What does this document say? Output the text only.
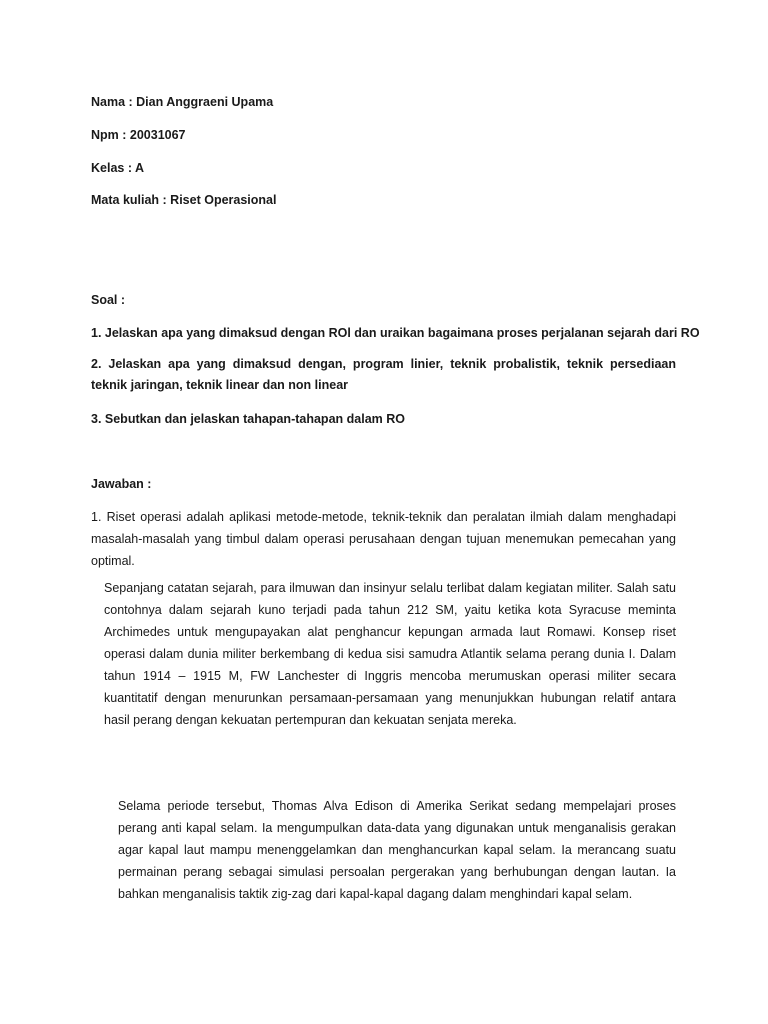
Nama : Dian Anggraeni Upama

Npm : 20031067

Kelas : A

Mata kuliah : Riset Operasional

Soal :

1. Jelaskan apa yang dimaksud dengan ROl dan uraikan bagaimana proses perjalanan sejarah dari RO

2. Jelaskan apa yang dimaksud dengan, program linier, teknik probalistik, teknik persediaan teknik jaringan, teknik linear dan non linear

3. Sebutkan dan jelaskan tahapan-tahapan dalam RO

Jawaban :

1. Riset operasi adalah aplikasi metode-metode, teknik-teknik dan peralatan ilmiah dalam menghadapi masalah-masalah yang timbul dalam operasi perusahaan dengan tujuan menemukan pemecahan yang optimal.

Sepanjang catatan sejarah, para ilmuwan dan insinyur selalu terlibat dalam kegiatan militer. Salah satu contohnya dalam sejarah kuno terjadi pada tahun 212 SM, yaitu ketika kota Syracuse meminta Archimedes untuk mengupayakan alat penghancur kepungan armada laut Romawi. Konsep riset operasi dalam dunia militer berkembang di kedua sisi samudra Atlantik selama perang dunia I. Dalam tahun 1914 – 1915 M, FW Lanchester di Inggris mencoba merumuskan operasi militer secara kuantitatif dengan menurunkan persamaan-persamaan yang menunjukkan hubungan relatif antara hasil perang dengan kekuatan pertempuran dan kekuatan senjata mereka.

Selama periode tersebut, Thomas Alva Edison di Amerika Serikat sedang mempelajari proses perang anti kapal selam. Ia mengumpulkan data-data yang digunakan untuk menganalisis gerakan agar kapal laut mampu menenggelamkan dan menghancurkan kapal selam. Ia merancang suatu permainan perang sebagai simulasi persoalan pergerakan yang berhubungan dengan lautan. Ia bahkan menganalisis taktik zig-zag dari kapal-kapal dagang dalam menghindari kapal selam.
